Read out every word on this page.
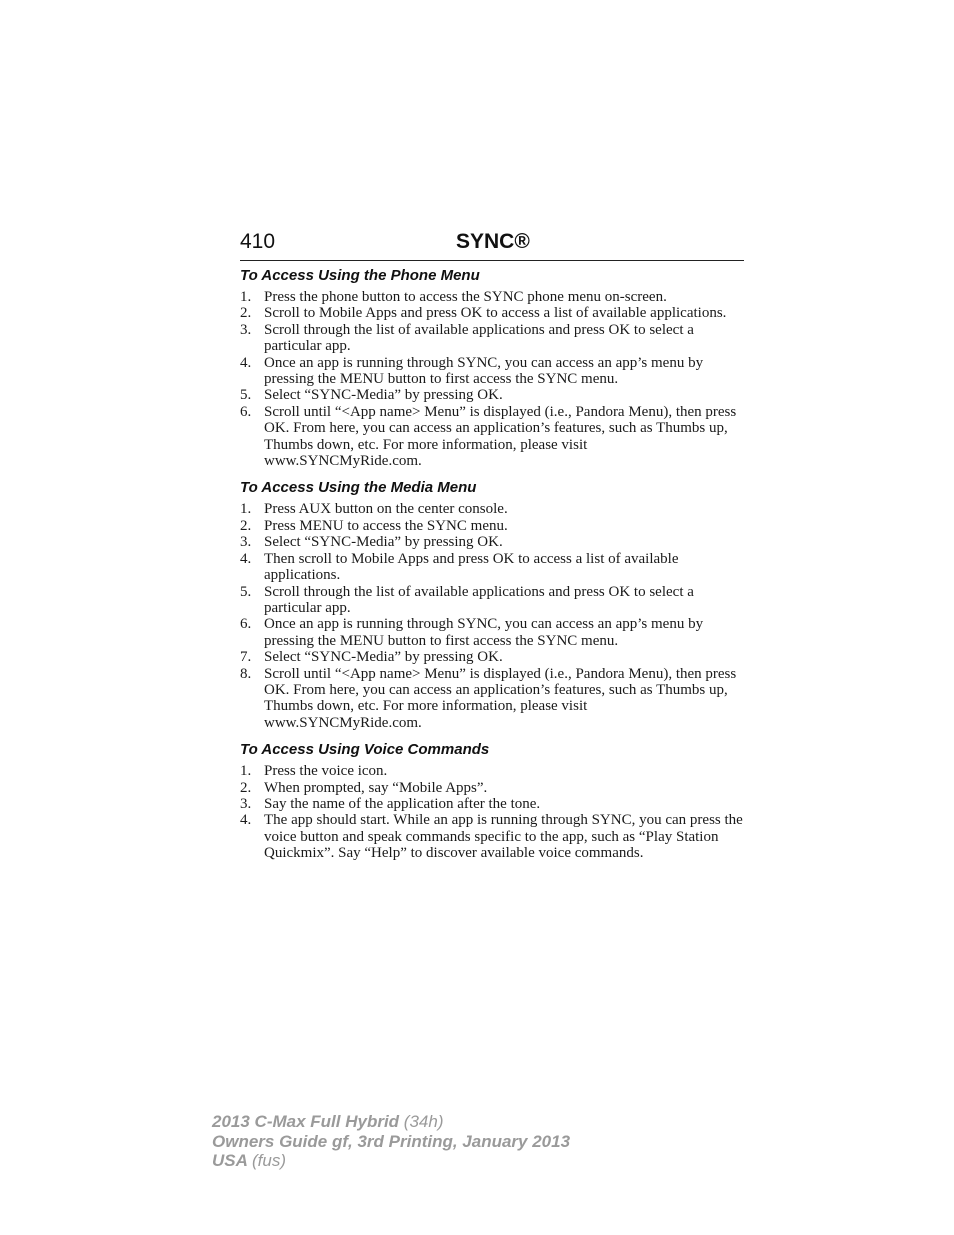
410	SYNC®
To Access Using the Phone Menu
1. Press the phone button to access the SYNC phone menu on-screen.
2. Scroll to Mobile Apps and press OK to access a list of available applications.
3. Scroll through the list of available applications and press OK to select a particular app.
4. Once an app is running through SYNC, you can access an app’s menu by pressing the MENU button to first access the SYNC menu.
5. Select “SYNC-Media” by pressing OK.
6. Scroll until “<App name> Menu” is displayed (i.e., Pandora Menu), then press OK. From here, you can access an application’s features, such as Thumbs up, Thumbs down, etc. For more information, please visit www.SYNCMyRide.com.
To Access Using the Media Menu
1. Press AUX button on the center console.
2. Press MENU to access the SYNC menu.
3. Select “SYNC-Media” by pressing OK.
4. Then scroll to Mobile Apps and press OK to access a list of available applications.
5. Scroll through the list of available applications and press OK to select a particular app.
6. Once an app is running through SYNC, you can access an app’s menu by pressing the MENU button to first access the SYNC menu.
7. Select “SYNC-Media” by pressing OK.
8. Scroll until “<App name> Menu” is displayed (i.e., Pandora Menu), then press OK. From here, you can access an application’s features, such as Thumbs up, Thumbs down, etc. For more information, please visit www.SYNCMyRide.com.
To Access Using Voice Commands
1. Press the voice icon.
2. When prompted, say “Mobile Apps”.
3. Say the name of the application after the tone.
4. The app should start. While an app is running through SYNC, you can press the voice button and speak commands specific to the app, such as “Play Station Quickmix”. Say “Help” to discover available voice commands.
2013 C-Max Full Hybrid (34h)
Owners Guide gf, 3rd Printing, January 2013
USA (fus)
